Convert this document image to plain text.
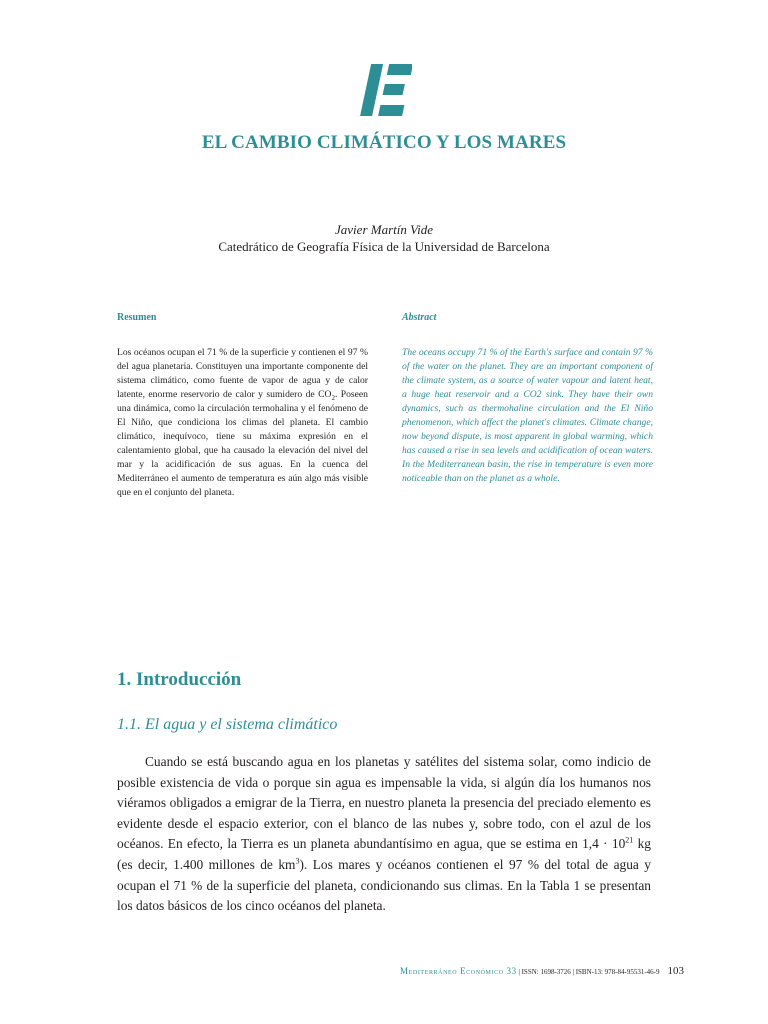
EL CAMBIO CLIMÁTICO Y LOS MARES

Javier Martín Vide

Catedrático de Geografía Física de la Universidad de Barcelona

Resumen

Los océanos ocupan el 71 % de la superficie y contienen el 97 % del agua planetaria. Constituyen una importante componente del sistema climático, como fuente de vapor de agua y de calor latente, enorme reservorio de calor y sumidero de $CO_2$. Poseen una dinámica, como la circulación termohalina y el fenómeno de El Niño, que condiciona los climas del planeta. El cambio climático, inequívoco, tiene su máxima expresión en el calentamiento global, que ha causado la elevación del nivel del mar y la acidificación de sus aguas. En la cuenca del Mediterráneo el aumento de temperatura es aún algo más visible que en el conjunto del planeta.

Abstract

The oceans occupy 71 % of the Earth's surface and contain 97 % of the water on the planet. They are an important component of the climate system, as a source of water vapour and latent heat, a huge heat reservoir and a CO2 sink. They have their own dynamics, such as thermohaline circulation and the El Niño phenomenon, which affect the planet's climates. Climate change, now beyond dispute, is most apparent in global warming, which has caused a rise in sea levels and acidification of ocean waters. In the Mediterranean basin, the rise in temperature is even more noticeable than on the planet as a whole.

1. Introducción
1.1. El agua y el sistema climático

Cuando se está buscando agua en los planetas y satélites del sistema solar, como indicio de posible existencia de vida o porque sin agua es impensable la vida, si algún día los humanos nos viéramos obligados a emigrar de la Tierra, en nuestro planeta la presencia del preciado elemento es evidente desde el espacio exterior, con el blanco de las nubes y, sobre todo, con el azul de los océanos. En efecto, la Tierra es un planeta abundantísimo en agua, que se estima en $1,4 \cdot 10^{21}$ kg (es decir, 1.400 millones de $km^3$). Los mares y océanos contienen el 97 % del total de agua y ocupan el 71 % de la superficie del planeta, condicionando sus climas. En la Tabla 1 se presentan los datos básicos de los cinco océanos del planeta.

Mediterráneo Económico 33 | ISSN: 1698-3726 | ISBN-13: 978-84-95531-46-9 103
